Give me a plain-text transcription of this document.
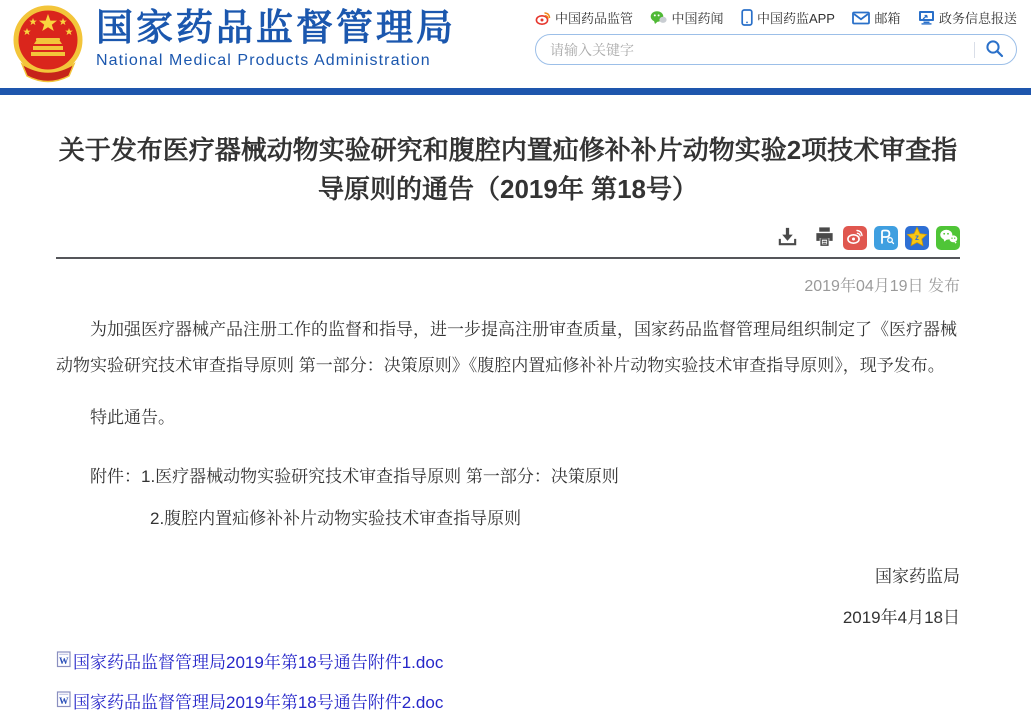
国家药品监督管理局
National Medical Products Administration
中国药品监管	中国药闻	中国药监APP	邮箱	政务信息报送
请输入关键字
关于发布医疗器械动物实验研究和腹腔内置疝修补补片动物实验2项技术审查指导原则的通告（2019年 第18号）
z
2019年04月19日 发布

为加强医疗器械产品注册工作的监督和指导，进一步提高注册审查质量，国家药品监督管理局组织制定了《医疗器械动物实验研究技术审查指导原则 第一部分：决策原则》《腹腔内置疝修补补片动物实验技术审查指导原则》，现予发布。

特此通告。

附件：1.医疗器械动物实验研究技术审查指导原则 第一部分：决策原则

2.腹腔内置疝修补补片动物实验技术审查指导原则

国家药监局
2019年4月18日
W 国家药品监督管理局2019年第18号通告附件1.doc
W 国家药品监督管理局2019年第18号通告附件2.doc
